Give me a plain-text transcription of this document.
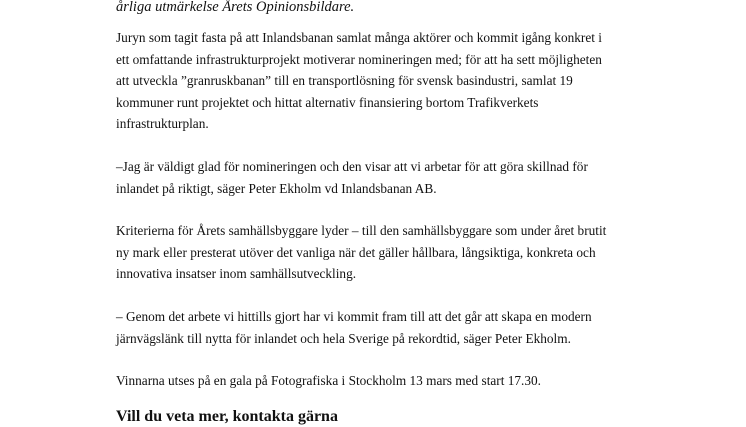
årliga utmärkelse Årets Opinionsbildare.

Juryn som tagit fasta på att Inlandsbanan samlat många aktörer och kommit igång konkret i
ett omfattande infrastrukturprojekt motiverar nomineringen med; för att ha sett möjligheten
att utveckla ”granruskbanan” till en transportlösning för svensk basindustri, samlat 19
kommuner runt projektet och hittat alternativ finansiering bortom Trafikverkets
infrastrukturplan.

–Jag är väldigt glad för nomineringen och den visar att vi arbetar för att göra skillnad för
inlandet på riktigt, säger Peter Ekholm vd Inlandsbanan AB.

Kriterierna för Årets samhällsbyggare lyder – till den samhällsbyggare som under året brutit
ny mark eller presterat utöver det vanliga när det gäller hållbara, långsiktiga, konkreta och
innovativa insatser inom samhällsutveckling.

– Genom det arbete vi hittills gjort har vi kommit fram till att det går att skapa en modern
järnvägslänk till nytta för inlandet och hela Sverige på rekordtid, säger Peter Ekholm.

Vinnarna utses på en gala på Fotografiska i Stockholm 13 mars med start 17.30.

Vill du veta mer, kontakta gärna
